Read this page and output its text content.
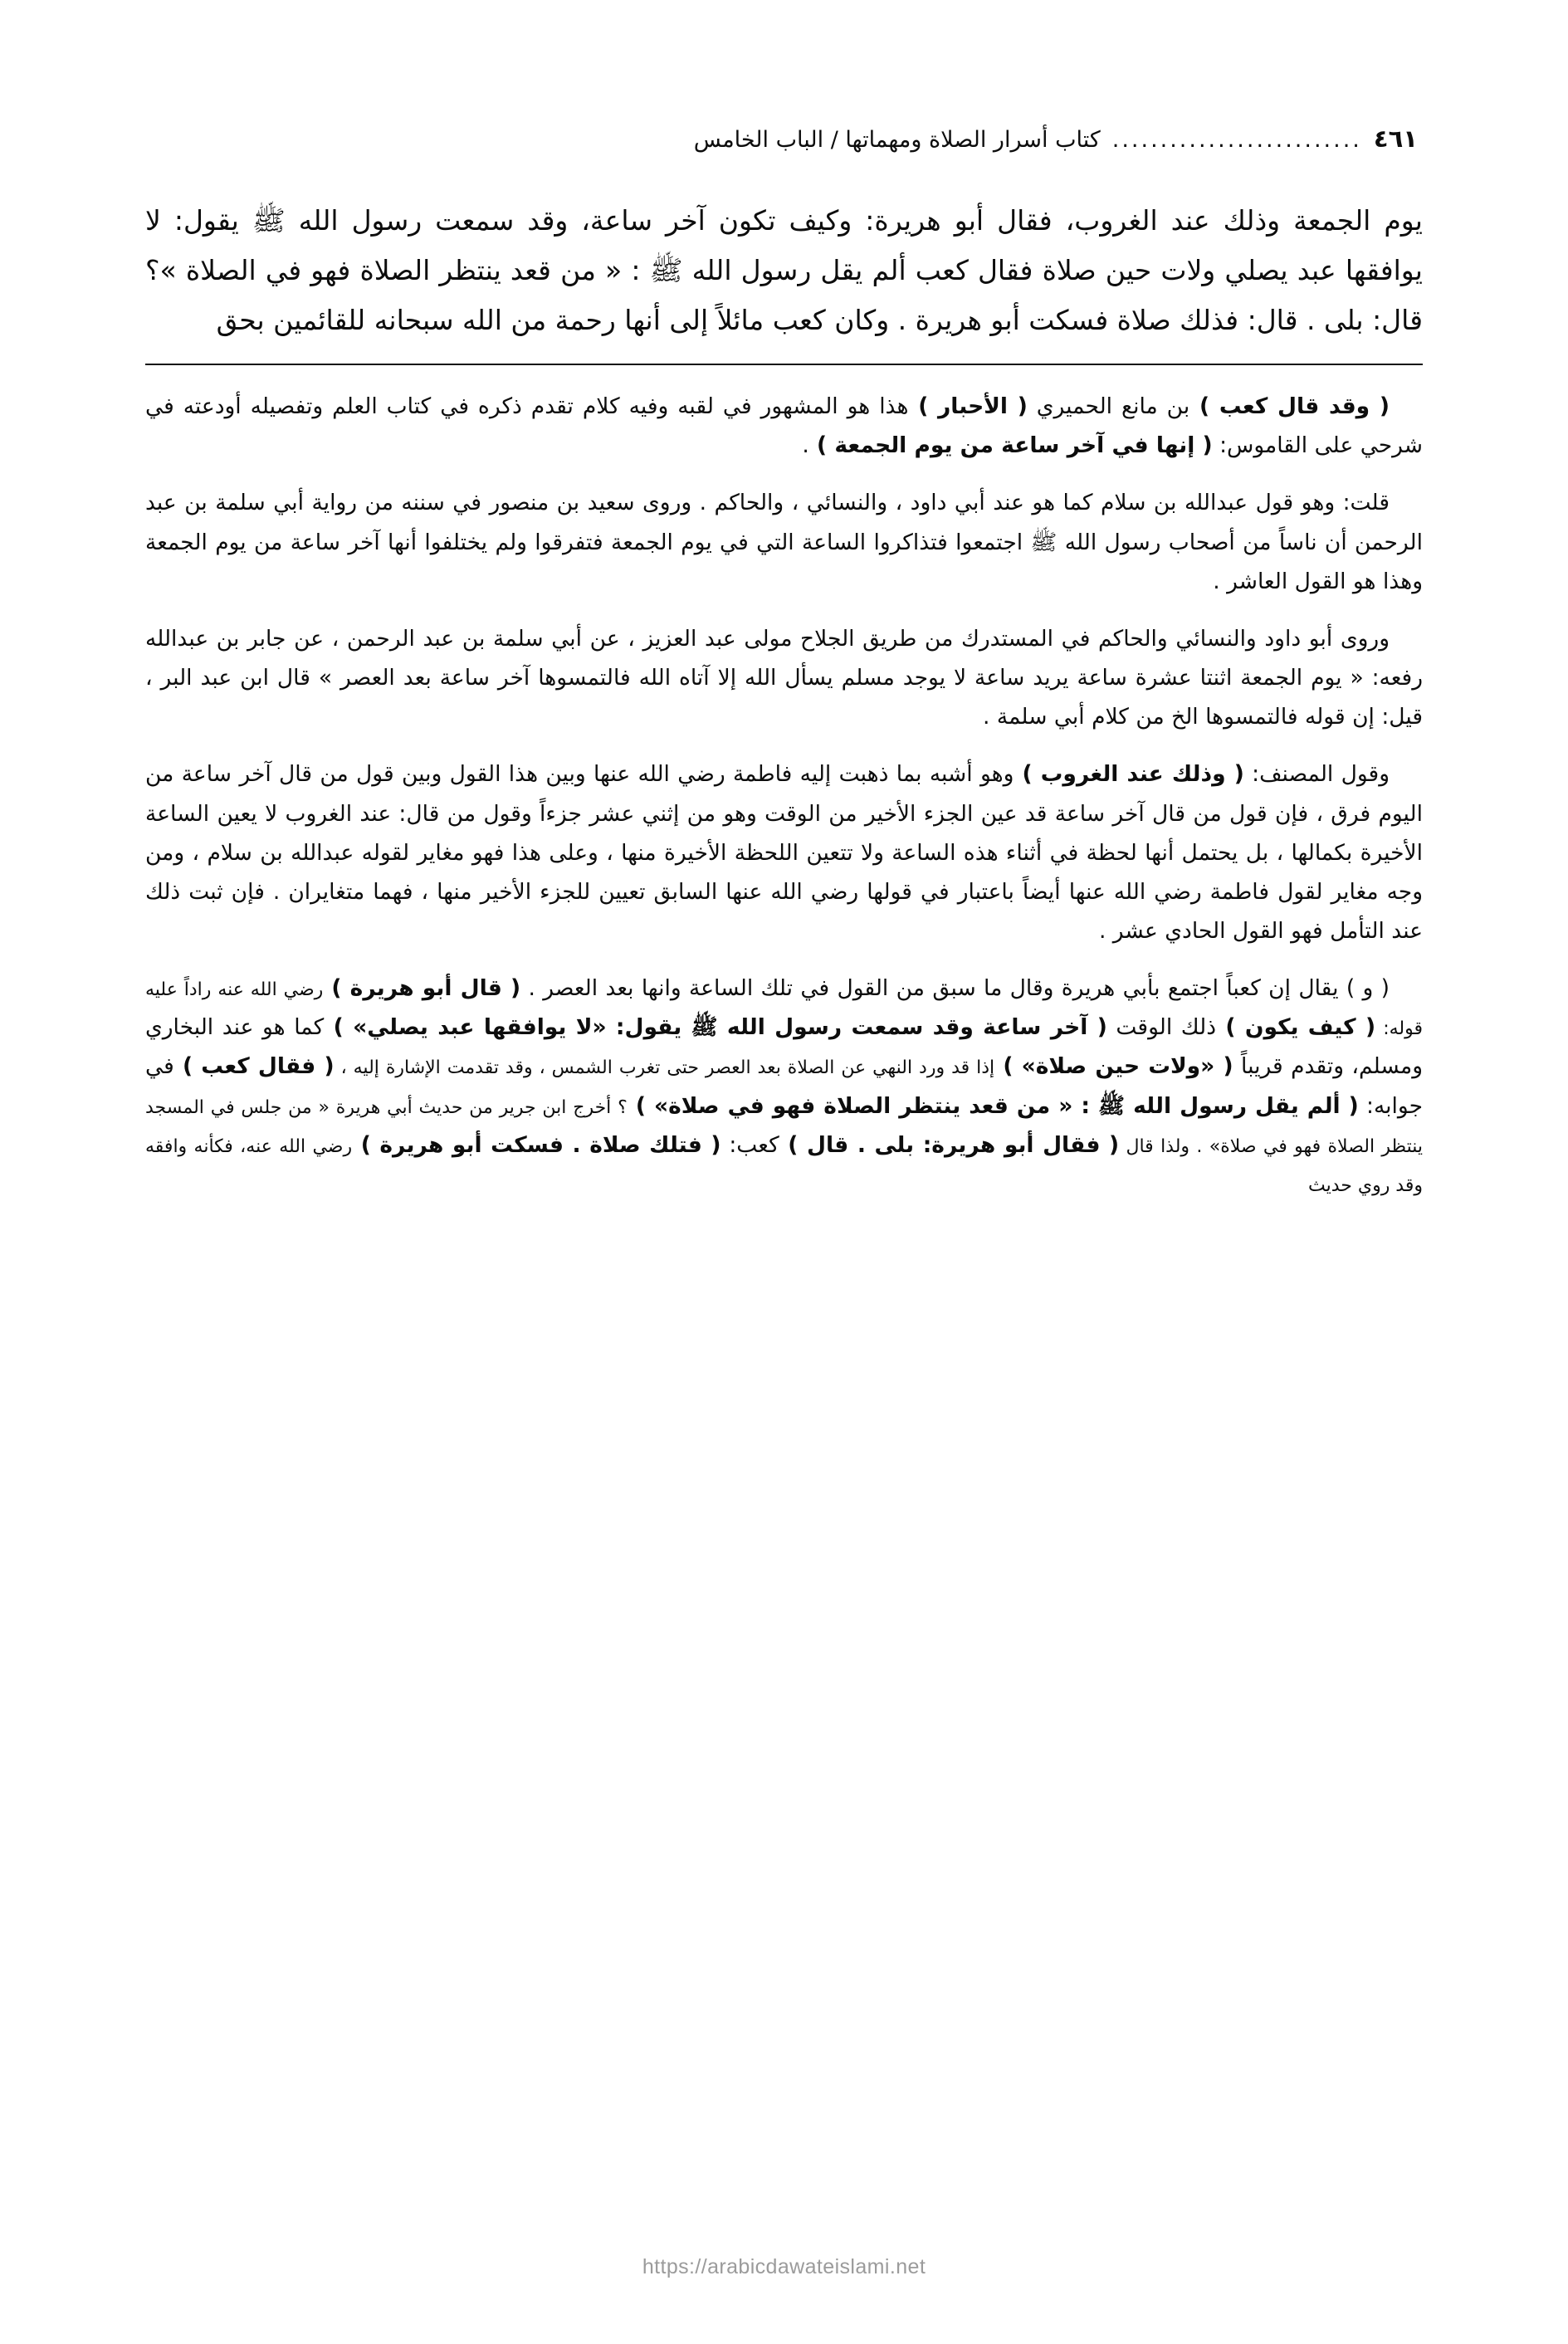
٤٦١
..........................
كتاب أسرار الصلاة ومهماتها / الباب الخامس

يوم الجمعة وذلك عند الغروب، فقال أبو هريرة: وكيف تكون آخر ساعة، وقد سمعت رسول الله ﷺ يقول: لا يوافقها عبد يصلي ولات حين صلاة فقال كعب ألم يقل رسول الله ﷺ : « من قعد ينتظر الصلاة فهو في الصلاة »؟ قال: بلى . قال: فذلك صلاة فسكت أبو هريرة . وكان كعب مائلاً إلى أنها رحمة من الله سبحانه للقائمين بحق

( وقد قال كعب ) بن مانع الحميري ( الأحبار ) هذا هو المشهور في لقبه وفيه كلام تقدم ذكره في كتاب العلم وتفصيله أودعته في شرحي على القاموس: ( إنها في آخر ساعة من يوم الجمعة ) .

قلت: وهو قول عبدالله بن سلام كما هو عند أبي داود ، والنسائي ، والحاكم . وروى سعيد بن منصور في سننه من رواية أبي سلمة بن عبد الرحمن أن ناساً من أصحاب رسول الله ﷺ اجتمعوا فتذاكروا الساعة التي في يوم الجمعة فتفرقوا ولم يختلفوا أنها آخر ساعة من يوم الجمعة وهذا هو القول العاشر .

وروى أبو داود والنسائي والحاكم في المستدرك من طريق الجلاح مولى عبد العزيز ، عن أبي سلمة بن عبد الرحمن ، عن جابر بن عبدالله رفعه: « يوم الجمعة اثنتا عشرة ساعة يريد ساعة لا يوجد مسلم يسأل الله إلا آتاه الله فالتمسوها آخر ساعة بعد العصر » قال ابن عبد البر ، قيل: إن قوله فالتمسوها الخ من كلام أبي سلمة .

وقول المصنف: ( وذلك عند الغروب ) وهو أشبه بما ذهبت إليه فاطمة رضي الله عنها وبين هذا القول وبين قول من قال آخر ساعة من اليوم فرق ، فإن قول من قال آخر ساعة قد عين الجزء الأخير من الوقت وهو من إثني عشر جزءاً وقول من قال: عند الغروب لا يعين الساعة الأخيرة بكمالها ، بل يحتمل أنها لحظة في أثناء هذه الساعة ولا تتعين اللحظة الأخيرة منها ، وعلى هذا فهو مغاير لقوله عبدالله بن سلام ، ومن وجه مغاير لقول فاطمة رضي الله عنها أيضاً باعتبار في قولها رضي الله عنها السابق تعيين للجزء الأخير منها ، فهما متغايران . فإن ثبت ذلك عند التأمل فهو القول الحادي عشر .

( و ) يقال إن كعباً اجتمع بأبي هريرة وقال ما سبق من القول في تلك الساعة وانها بعد العصر . ( قال أبو هريرة ) رضي الله عنه راداً عليه قوله: ( كيف يكون ) ذلك الوقت ( آخر ساعة وقد سمعت رسول الله ﷺ يقول: «لا يوافقها عبد يصلي» ) كما هو عند البخاري ومسلم، وتقدم قريباً ( «ولات حين صلاة» ) إذا قد ورد النهي عن الصلاة بعد العصر حتى تغرب الشمس ، وقد تقدمت الإشارة إليه ، ( فقال كعب ) في جوابه: ( ألم يقل رسول الله ﷺ : « من قعد ينتظر الصلاة فهو في صلاة» ) ؟ أخرج ابن جرير من حديث أبي هريرة « من جلس في المسجد ينتظر الصلاة فهو في صلاة» . ولذا قال ( فقال أبو هريرة: بلى . قال ) كعب: ( فتلك صلاة . فسكت أبو هريرة ) رضي الله عنه، فكأنه وافقه وقد روي حديث

https://arabicdawateislami.net
